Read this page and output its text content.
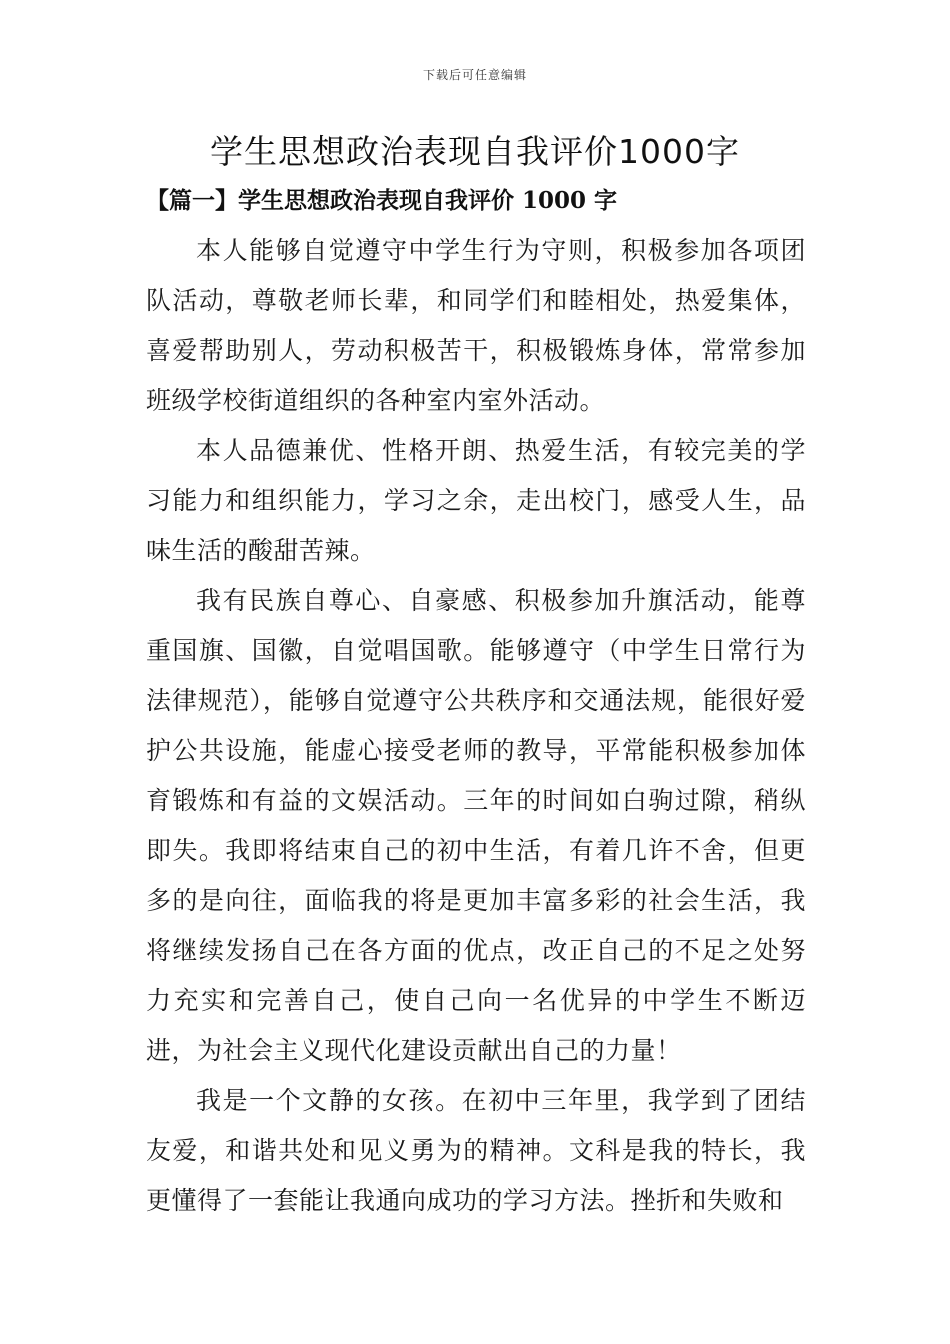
下载后可任意编辑
学生思想政治表现自我评价1000字
【篇一】学生思想政治表现自我评价 1000 字

本人能够自觉遵守中学生行为守则，积极参加各项团队活动，尊敬老师长辈，和同学们和睦相处，热爱集体，喜爱帮助别人，劳动积极苦干，积极锻炼身体，常常参加班级学校街道组织的各种室内室外活动。

本人品德兼优、性格开朗、热爱生活，有较完美的学习能力和组织能力，学习之余，走出校门，感受人生，品味生活的酸甜苦辣。

我有民族自尊心、自豪感、积极参加升旗活动，能尊重国旗、国徽，自觉唱国歌。能够遵守（中学生日常行为法律规范），能够自觉遵守公共秩序和交通法规，能很好爱护公共设施，能虚心接受老师的教导，平常能积极参加体育锻炼和有益的文娱活动。三年的时间如白驹过隙，稍纵即失。我即将结束自己的初中生活，有着几许不舍，但更多的是向往，面临我的将是更加丰富多彩的社会生活，我将继续发扬自己在各方面的优点，改正自己的不足之处努力充实和完善自己，使自己向一名优异的中学生不断迈进，为社会主义现代化建设贡献出自己的力量！

我是一个文静的女孩。在初中三年里，我学到了团结友爱，和谐共处和见义勇为的精神。文科是我的特长，我更懂得了一套能让我通向成功的学习方法。挫折和失败和
